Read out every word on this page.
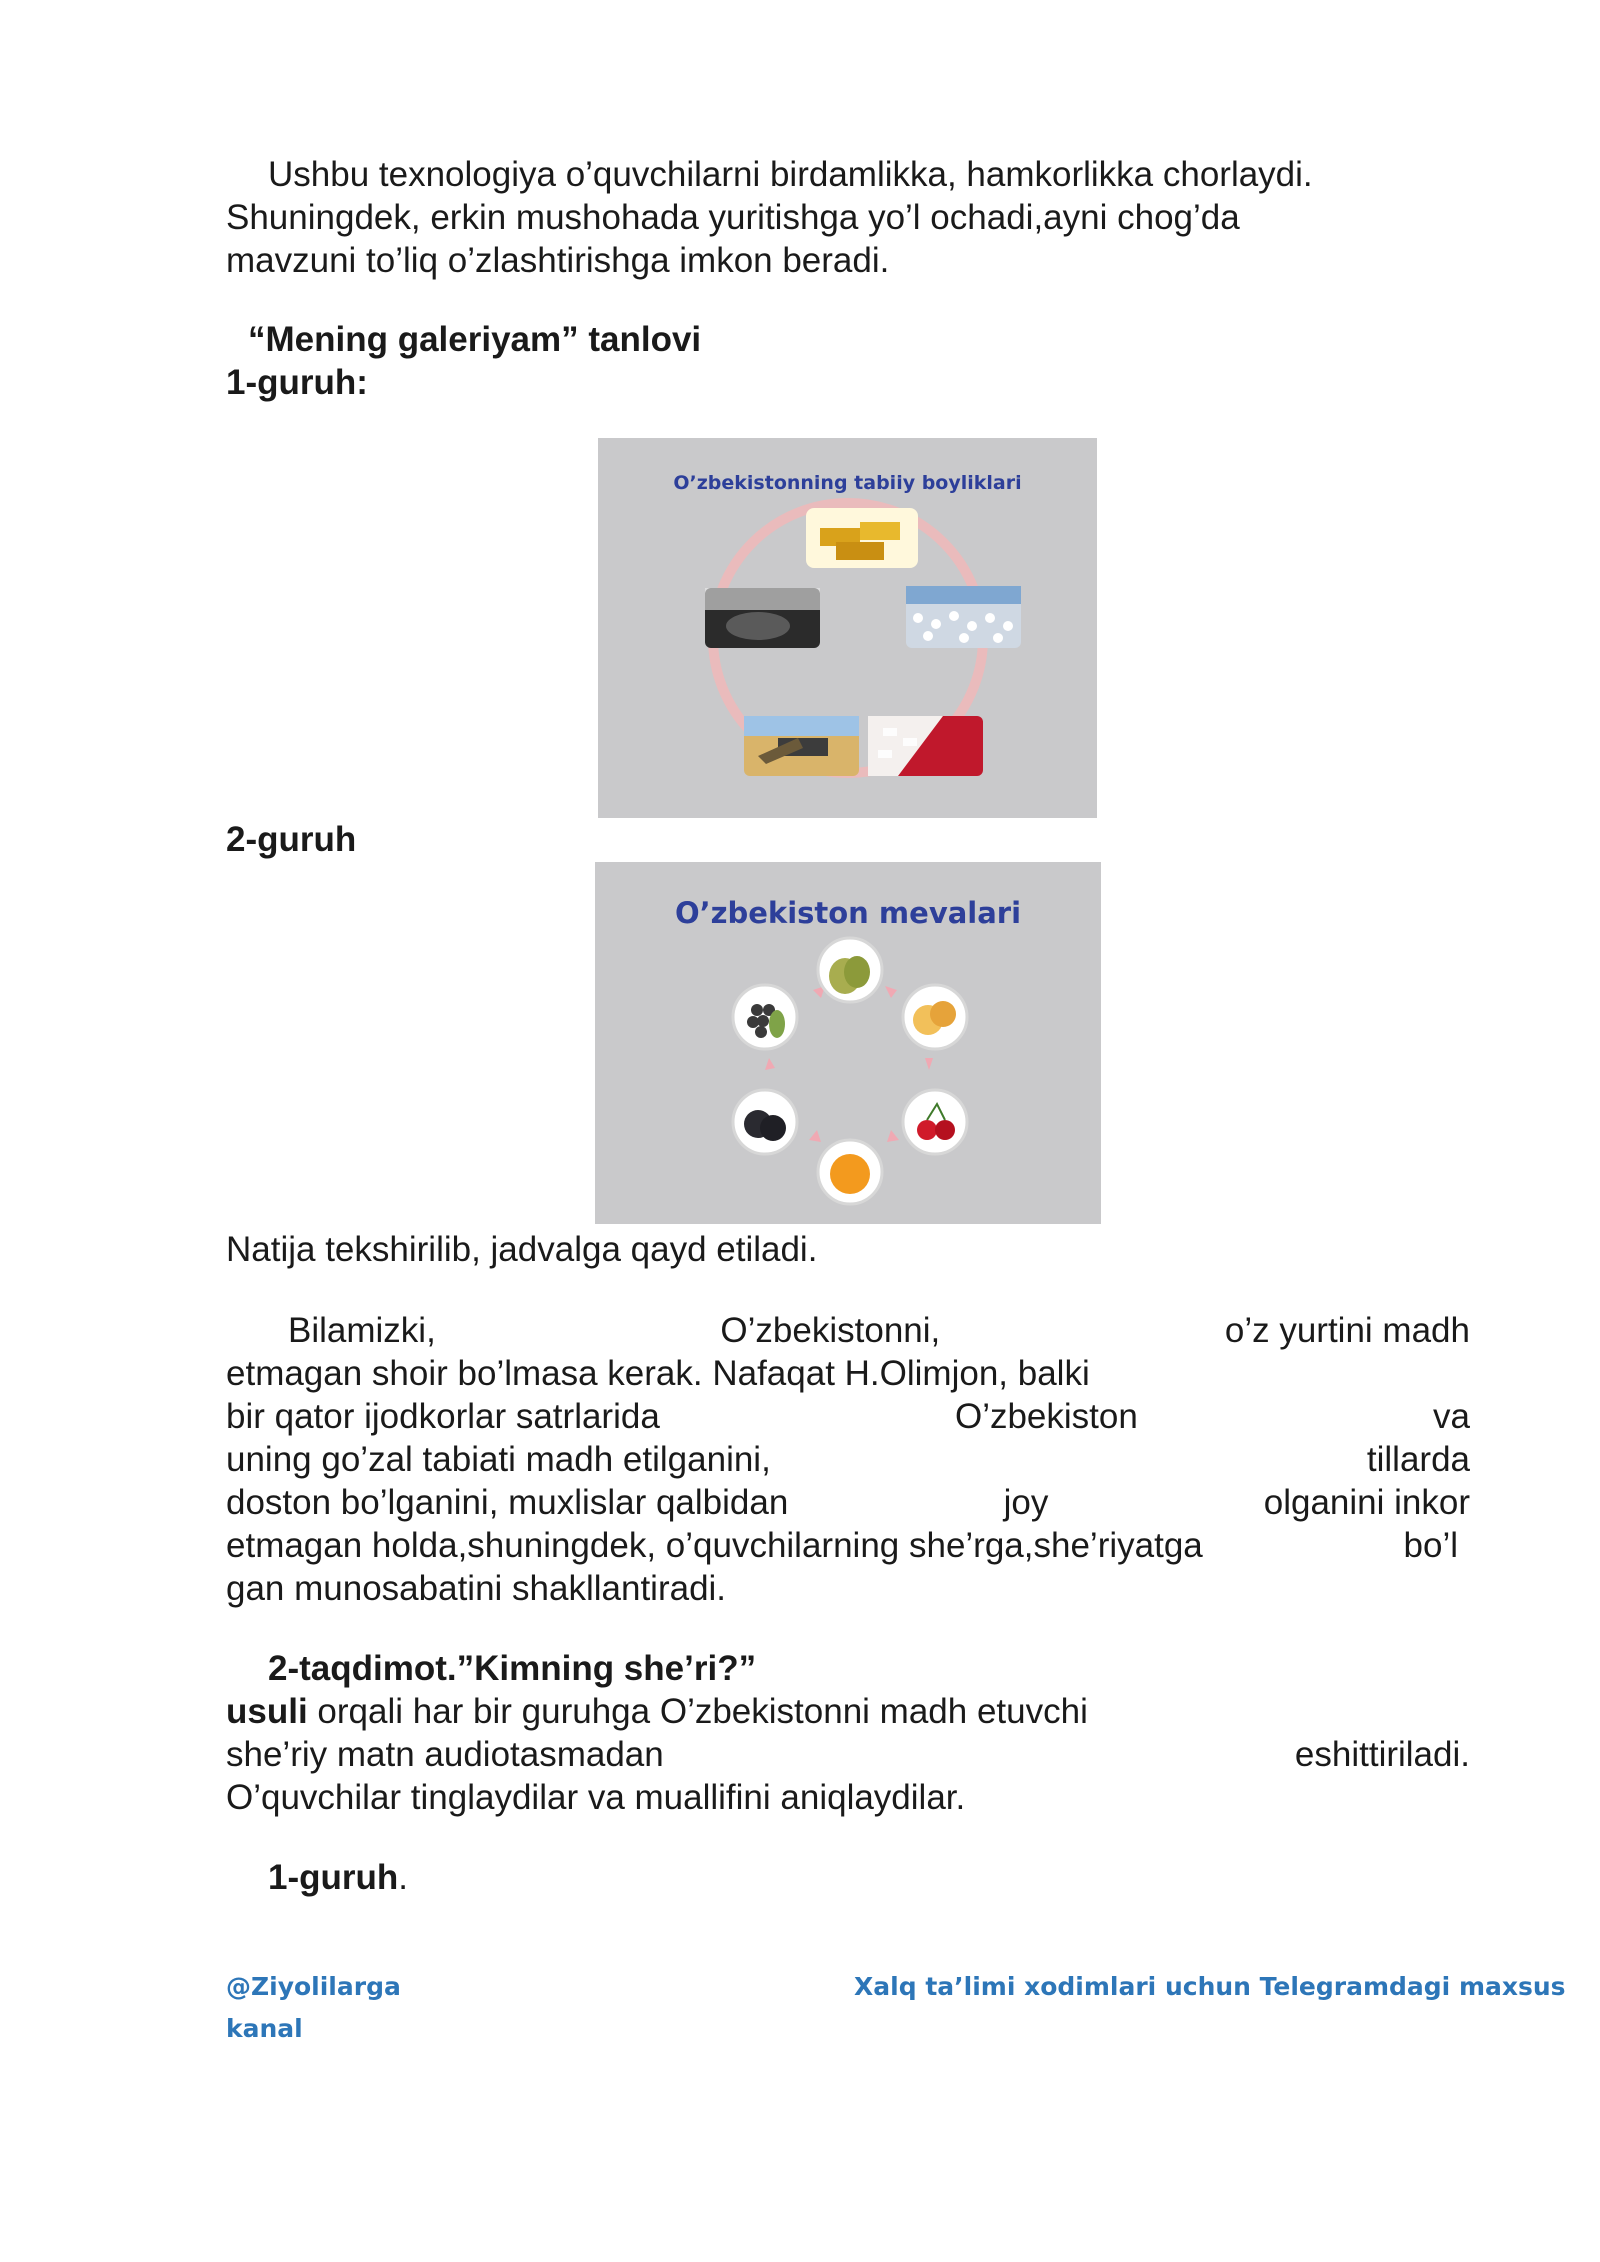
Ushbu texnologiya o’quvchilarni birdamlikka, hamkorlikka chorlaydi.
Shuningdek, erkin mushohada yuritishga yo’l ochadi,ayni chog’da
mavzuni to’liq o’zlashtirishga imkon beradi.
“Mening galeriyam” tanlovi
1-guruh:
O’zbekistonning tabiiy boyliklari
2-guruh
O’zbekiston mevalari
Natija tekshirilib, jadvalga qayd etiladi.
Bilamizki,	O’zbekistonni,	o’z yurtini madh
etmagan shoir bo’lmasa kerak. Nafaqat H.Olimjon, balki
bir qator ijodkorlar satrlarida	O’zbekiston	va
uning go’zal tabiati madh etilganini,	tillarda
doston bo’lganini, muxlislar qalbidan	joy	olganini inkor
etmagan holda,shuningdek, o’quvchilarning she’rga,she’riyatga	bo’l
gan munosabatini shakllantiradi.
2-taqdimot.”Kimning she’ri?”
usuli orqali har bir guruhga O’zbekistonni madh etuvchi
she’riy matn audiotasmadan	eshittiriladi.
O’quvchilar tinglaydilar va muallifini aniqlaydilar.
1-guruh.
@Ziyolilarga
kanal
Xalq ta’limi xodimlari uchun Telegramdagi maxsus
